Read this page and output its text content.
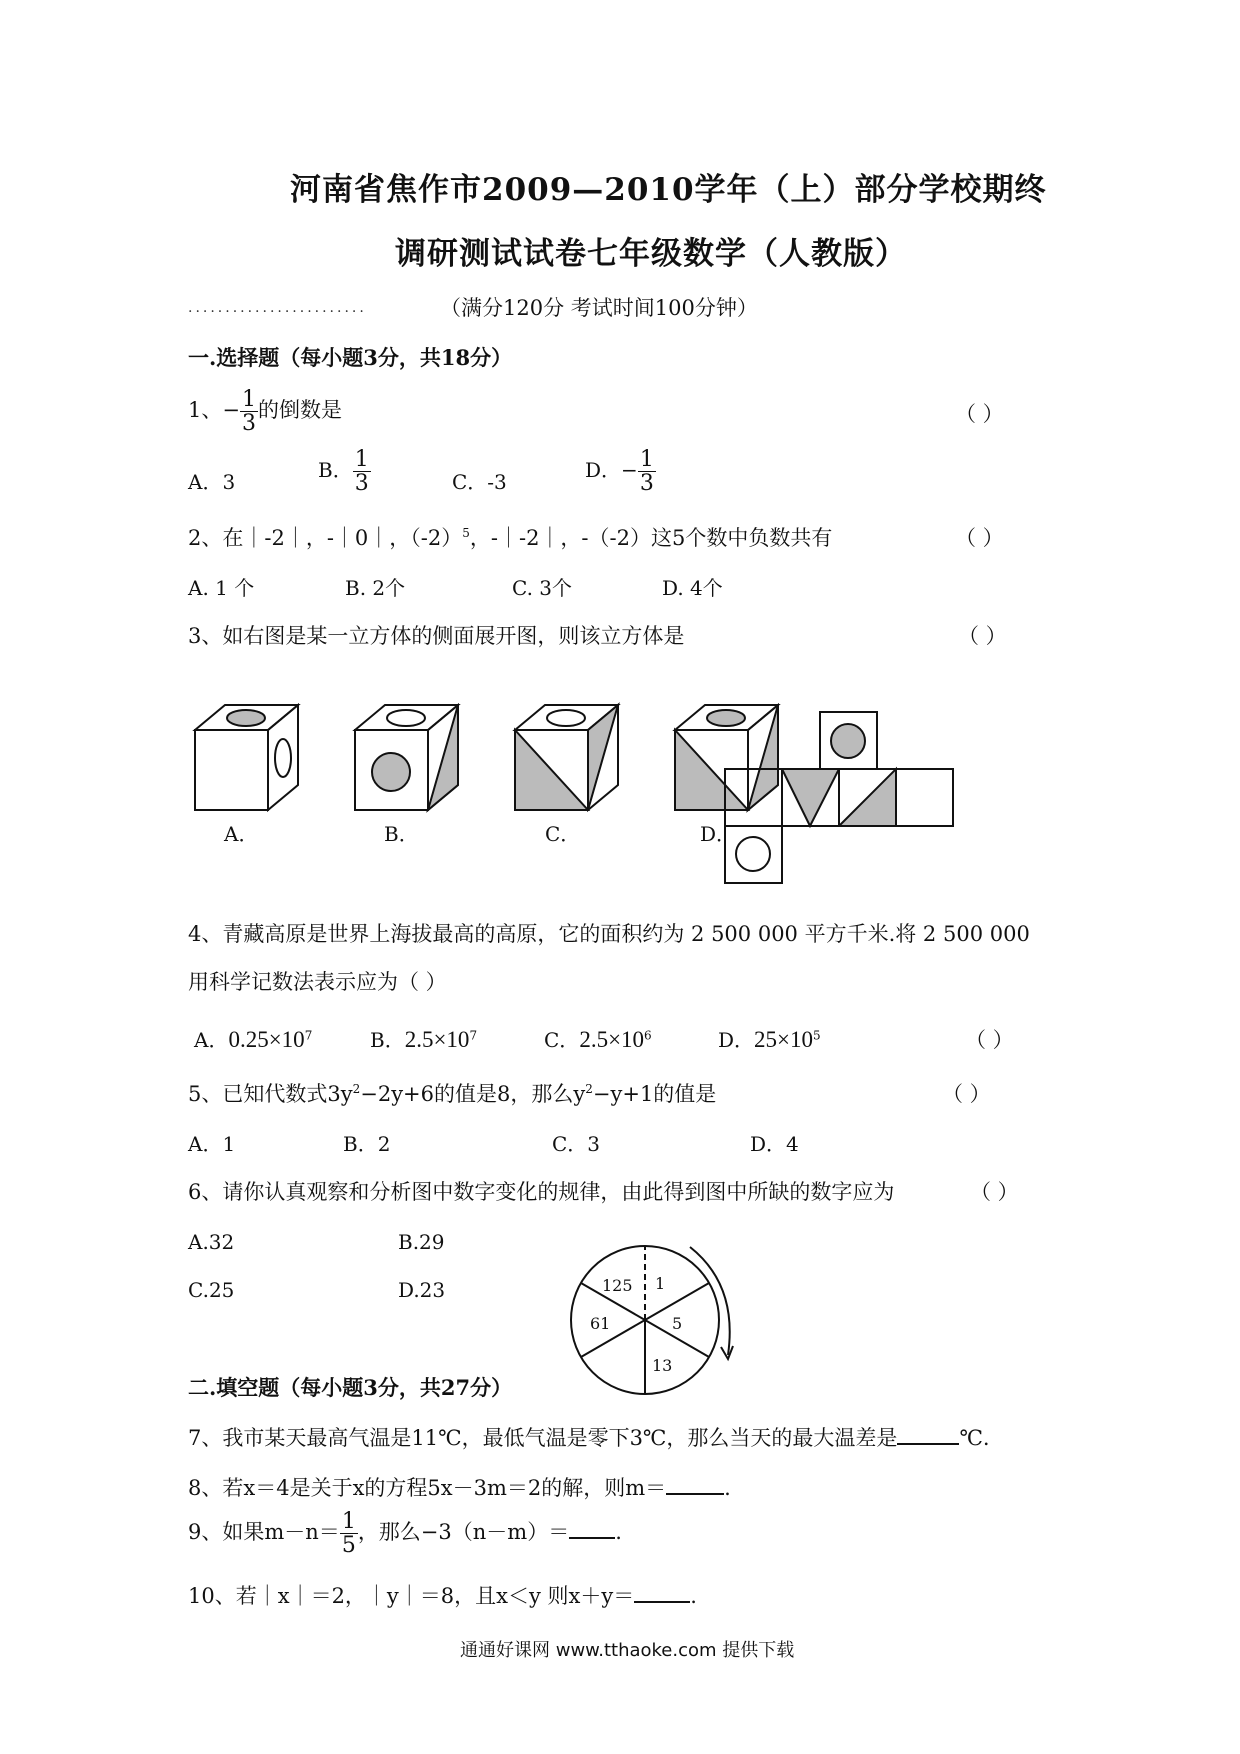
河南省焦作市2009—2010学年（上）部分学校期终
调研测试试卷七年级数学（人教版）
........................	（满分120分 考试时间100分钟）
一.选择题（每小题3分，共18分）
1、− $\frac{1}{3}$ 的倒数是	（ ）
A．3	B． $\frac{1}{3}$	C．-3	D．− $\frac{1}{3}$
2、在｜-2｜，-｜0｜，$(-2)^5$，-｜-2｜，-（-2）这5个数中负数共有	（ ）
A. 1 个	B. 2个	C. 3个	D. 4个
3、如右图是某一立方体的侧面展开图，则该立方体是	（ ）
A．	B．	C．	D．
4、青藏高原是世界上海拔最高的高原，它的面积约为 2 500 000 平方千米.将 2 500 000
用科学记数法表示应为（ ）
A．$0.25\times 10^7$	B．$2.5\times 10^7$	C．$2.5\times 10^6$	D．$25\times 10^5$	（ ）
5、已知代数式$3y^2-2y+6$的值是8，那么$y^2-y+1$的值是	（ ）
A．1	B．2	C．3	D．4
6、请你认真观察和分析图中数字变化的规律，由此得到图中所缺的数字应为	（ ）
A.32	B.29
C.25	D.23	1
5
13
61
125
二.填空题（每小题3分，共27分）
7、我市某天最高气温是11℃，最低气温是零下3℃，那么当天的最大温差是	℃.
8、若x＝4是关于x的方程5x－3m＝2的解，则m＝	.
9、如果$m-n= \frac{1}{5}$ ，那么−3（n－m）＝ .
10、若｜x｜＝2，｜y｜＝8，且x＜y 则x＋y＝	.
通通好课网 www.tthaoke.com 提供下载
